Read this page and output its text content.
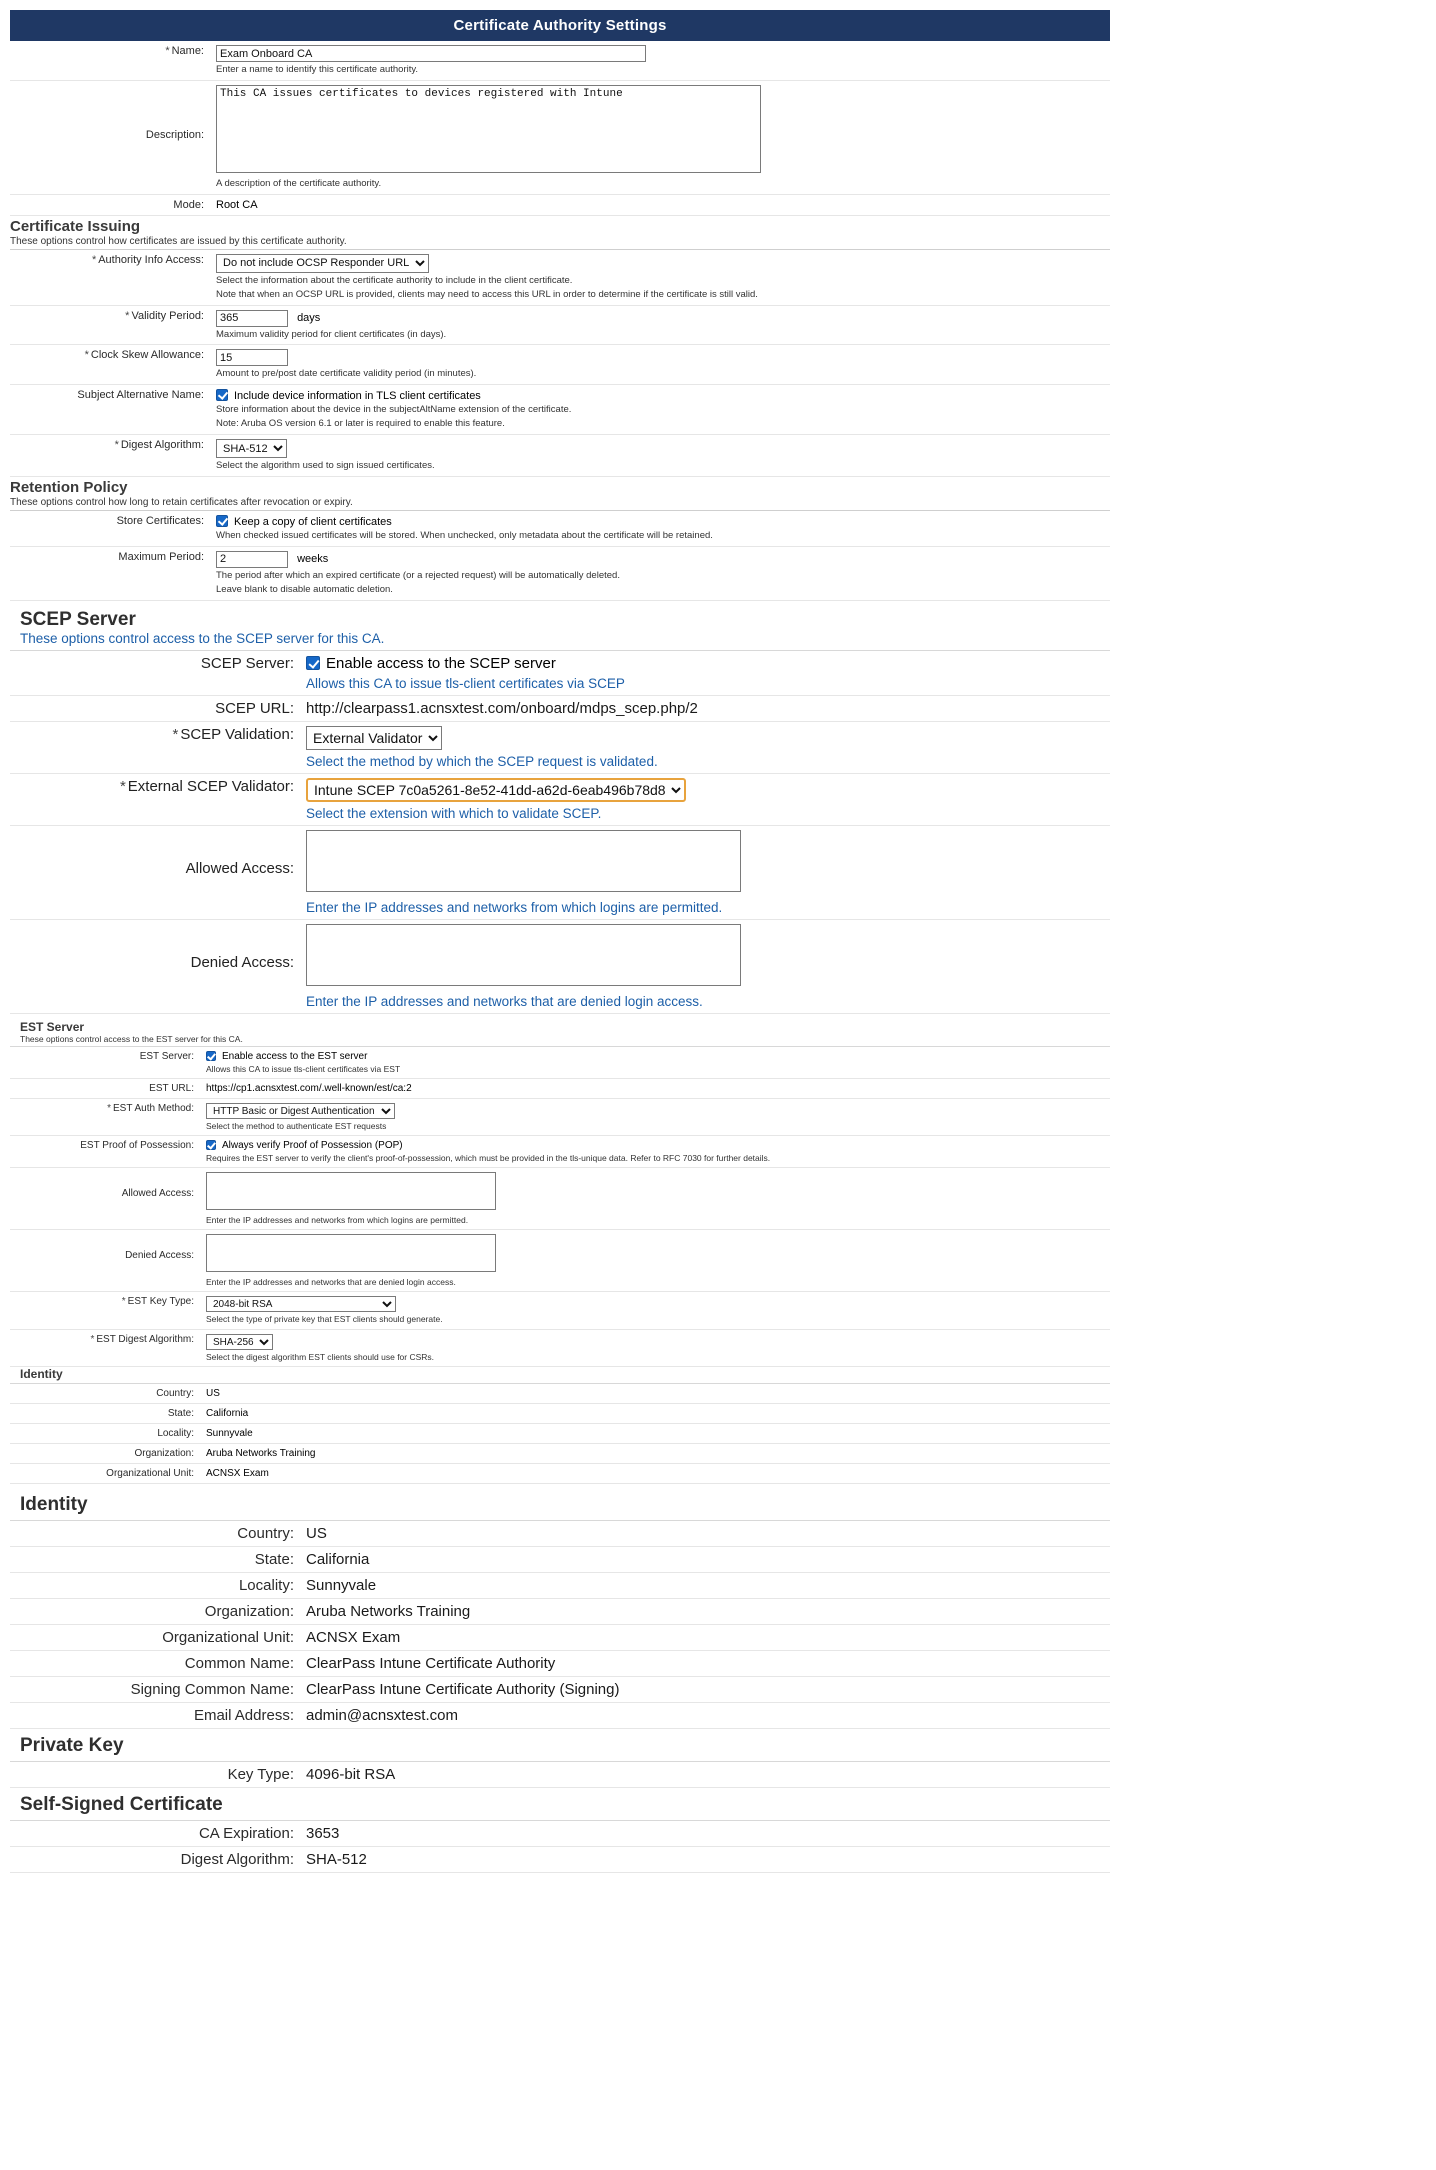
Certificate Authority Settings
* Name:	Exam Onboard CA
Enter a name to identify this certificate authority.

Description:	This CA issues certificates to devices registered with Intune
A description of the certificate authority.

Mode:	Root CA
Certificate Issuing
These options control how certificates are issued by this certificate authority.
* Authority Info Access:	
Do not include OCSP Responder URL
Select the information about the certificate authority to include in the client certificate.
Note that when an OCSP URL is provided, clients may need to access this URL in order to determine if the certificate is still valid.

* Validity Period:	365days
Maximum validity period for client certificates (in days).

* Clock Skew Allowance:	15
Amount to pre/post date certificate validity period (in minutes).

Subject Alternative Name:	Include device information in TLS client certificates
Store information about the device in the subjectAltName extension of the certificate.
Note: Aruba OS version 6.1 or later is required to enable this feature.

* Digest Algorithm:	
SHA-512
Select the algorithm used to sign issued certificates.
Retention Policy
These options control how long to retain certificates after revocation or expiry.
Store Certificates:	Keep a copy of client certificates
When checked issued certificates will be stored. When unchecked, only metadata about the certificate will be retained.

Maximum Period:	2weeks
The period after which an expired certificate (or a rejected request) will be automatically deleted.
Leave blank to disable automatic deletion.
SCEP Server
These options control access to the SCEP server for this CA.
SCEP Server:	Enable access to the SCEP server
Allows this CA to issue tls-client certificates via SCEP

SCEP URL:	http://clearpass1.acnsxtest.com/onboard/mdps_scep.php/2
* SCEP Validation:	
External Validator
Select the method by which the SCEP request is validated.

* External SCEP Validator:	
Intune SCEP 7c0a5261-8e52-41dd-a62d-6eab496b78d8
Select the extension with which to validate SCEP.

Allowed Access:	Enter the IP addresses and networks from which logins are permitted.

Denied Access:	Enter the IP addresses and networks that are denied login access.
EST Server
These options control access to the EST server for this CA.
EST Server:	Enable access to the EST server
Allows this CA to issue tls-client certificates via EST

EST URL:	https://cp1.acnsxtest.com/.well-known/est/ca:2
* EST Auth Method:	
HTTP Basic or Digest Authentication
Select the method to authenticate EST requests

EST Proof of Possession:	Always verify Proof of Possession (POP)
Requires the EST server to verify the client's proof-of-possession, which must be provided in the tls-unique data. Refer to RFC 7030 for further details.

Allowed Access:	Enter the IP addresses and networks from which logins are permitted.

Denied Access:	Enter the IP addresses and networks that are denied login access.

* EST Key Type:	
2048-bit RSA
Select the type of private key that EST clients should generate.

* EST Digest Algorithm:	
SHA-256
Select the digest algorithm EST clients should use for CSRs.
Identity
Country:	US
State:	California
Locality:	Sunnyvale
Organization:	Aruba Networks Training
Organizational Unit:	ACNSX Exam
Identity
Country:	US
State:	California
Locality:	Sunnyvale
Organization:	Aruba Networks Training
Organizational Unit:	ACNSX Exam
Common Name:	ClearPass Intune Certificate Authority
Signing Common Name:	ClearPass Intune Certificate Authority (Signing)
Email Address:	admin@acnsxtest.com
Private Key
Key Type:	4096-bit RSA
Self-Signed Certificate
CA Expiration:	3653
Digest Algorithm:	SHA-512
